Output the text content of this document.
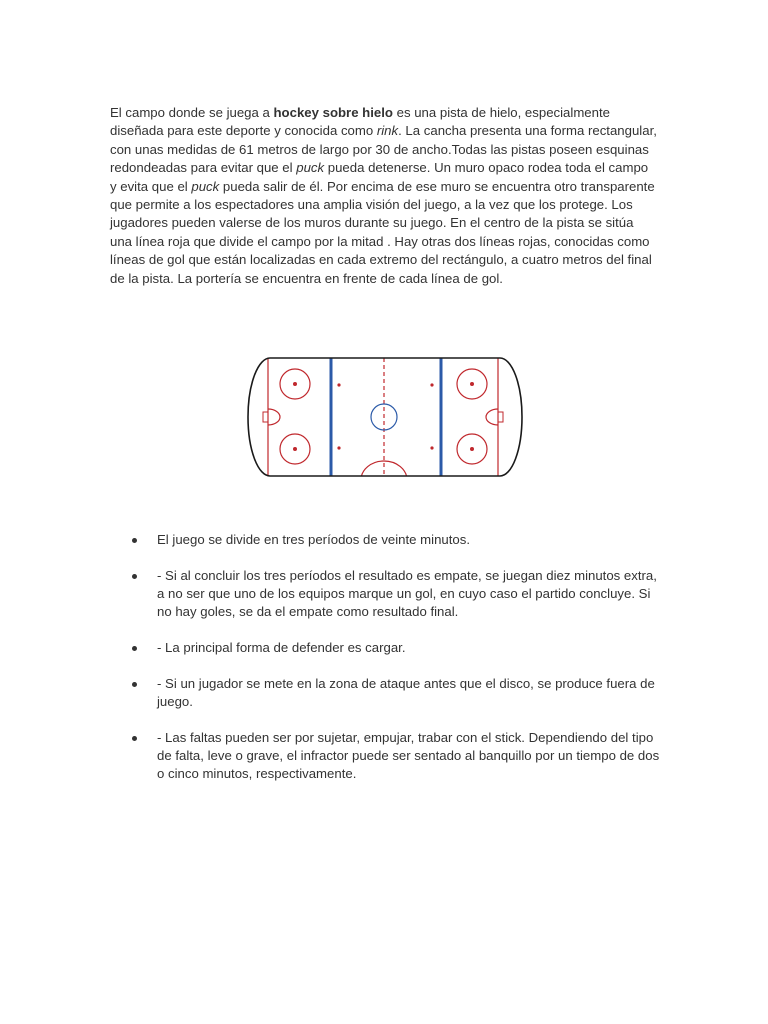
El campo donde se juega a hockey sobre hielo es una pista de hielo, especialmente diseñada para este deporte y conocida como rink. La cancha presenta una forma rectangular, con unas medidas de 61 metros de largo por 30 de ancho.Todas las pistas poseen esquinas redondeadas para evitar que el puck pueda detenerse. Un muro opaco rodea toda el campo y evita que el puck pueda salir de él. Por encima de ese muro se encuentra otro transparente que permite a los espectadores una amplia visión del juego, a la vez que los protege. Los jugadores pueden valerse de los muros durante su juego. En el centro de la pista se sitúa una línea roja que divide el campo por la mitad . Hay otras dos líneas rojas, conocidas como líneas de gol que están localizadas en cada extremo del rectángulo, a cuatro metros del final de la pista. La portería se encuentra en frente de cada línea de gol.

El juego se divide en tres períodos de veinte minutos.
- Si al concluir los tres períodos el resultado es empate, se juegan diez minutos extra, a no ser que uno de los equipos marque un gol, en cuyo caso el partido concluye. Si no hay goles, se da el empate como resultado final.
- La principal forma de defender es cargar.
- Si un jugador se mete en la zona de ataque antes que el disco, se produce fuera de juego.
- Las faltas pueden ser por sujetar, empujar, trabar con el stick. Dependiendo del tipo de falta, leve o grave, el infractor puede ser sentado al banquillo por un tiempo de dos o cinco minutos, respectivamente.
